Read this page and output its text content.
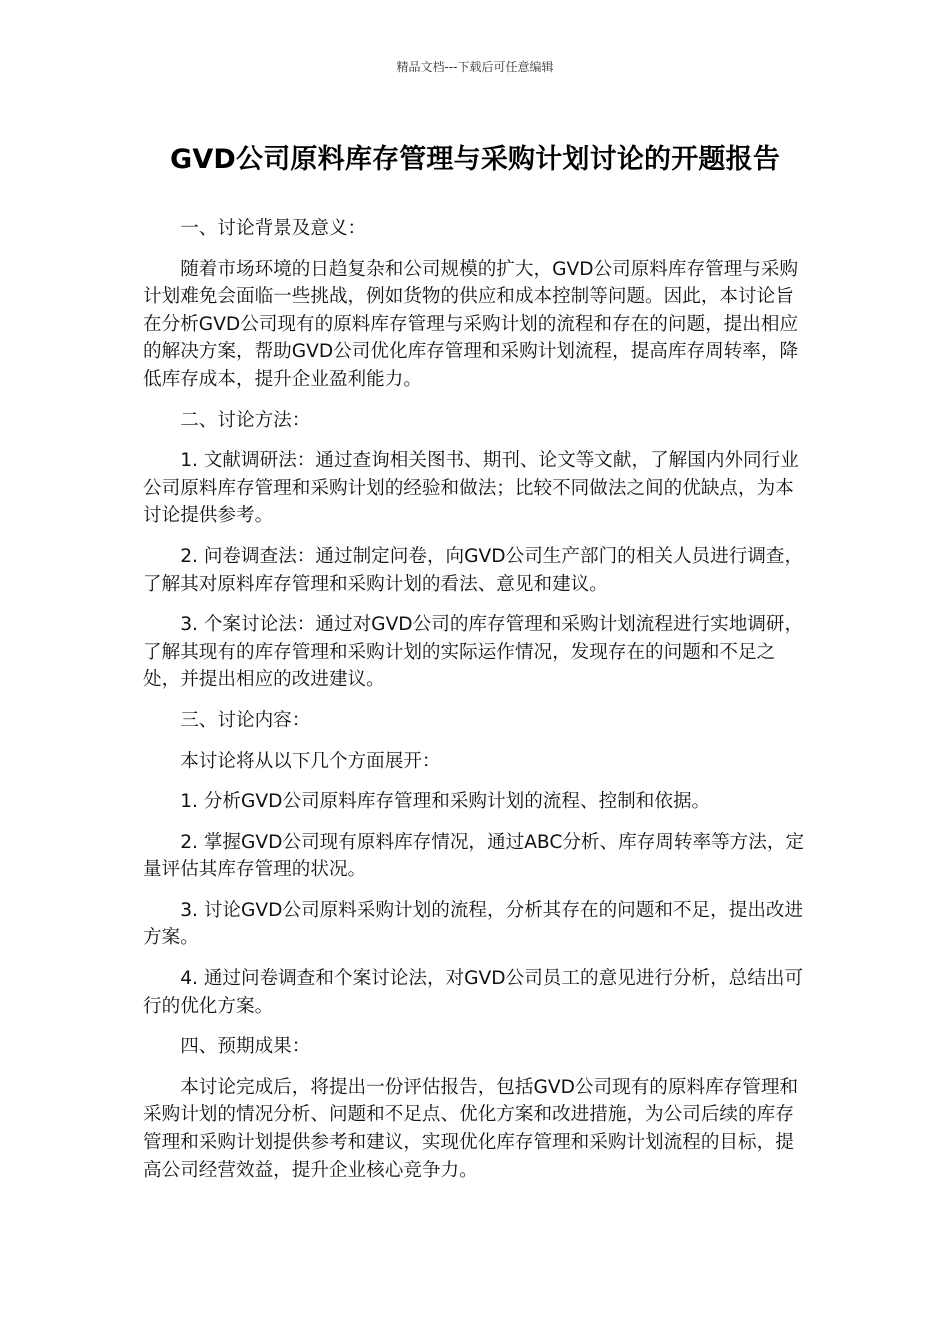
精品文档---下载后可任意编辑
GVD公司原料库存管理与采购计划讨论的开题报告

一、讨论背景及意义：

随着市场环境的日趋复杂和公司规模的扩大，GVD公司原料库存管理与采购计划难免会面临一些挑战，例如货物的供应和成本控制等问题。因此，本讨论旨在分析GVD公司现有的原料库存管理与采购计划的流程和存在的问题，提出相应的解决方案，帮助GVD公司优化库存管理和采购计划流程，提高库存周转率，降低库存成本，提升企业盈利能力。

二、讨论方法：

1. 文献调研法：通过查询相关图书、期刊、论文等文献，了解国内外同行业公司原料库存管理和采购计划的经验和做法；比较不同做法之间的优缺点，为本讨论提供参考。

2. 问卷调查法：通过制定问卷，向GVD公司生产部门的相关人员进行调查，了解其对原料库存管理和采购计划的看法、意见和建议。

3. 个案讨论法：通过对GVD公司的库存管理和采购计划流程进行实地调研，了解其现有的库存管理和采购计划的实际运作情况，发现存在的问题和不足之处，并提出相应的改进建议。

三、讨论内容：

本讨论将从以下几个方面展开：

1. 分析GVD公司原料库存管理和采购计划的流程、控制和依据。

2. 掌握GVD公司现有原料库存情况，通过ABC分析、库存周转率等方法，定量评估其库存管理的状况。

3. 讨论GVD公司原料采购计划的流程，分析其存在的问题和不足，提出改进方案。

4. 通过问卷调查和个案讨论法，对GVD公司员工的意见进行分析，总结出可行的优化方案。

四、预期成果：

本讨论完成后，将提出一份评估报告，包括GVD公司现有的原料库存管理和采购计划的情况分析、问题和不足点、优化方案和改进措施，为公司后续的库存管理和采购计划提供参考和建议，实现优化库存管理和采购计划流程的目标，提高公司经营效益，提升企业核心竞争力。
